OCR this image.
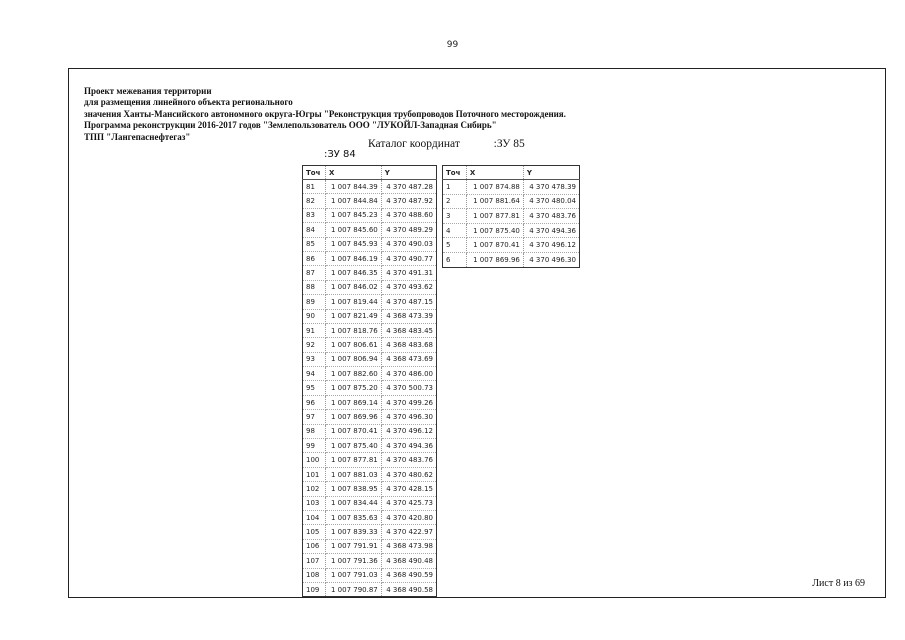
99
Проект межевания территории
для размещения линейного объекта регионального
значения Ханты-Мансийского автономного округа-Югры "Реконструкция трубопроводов Поточного месторождения.
Программа реконструкции 2016-2017 годов "Землепользователь ООО "ЛУКОЙЛ-Западная Сибирь"
ТПП "Лангепаснефтегаз"
Каталог координат	:ЗУ 85
:ЗУ 84
Точ	X	Y
81	1 007 844.39	4 370 487.28
82	1 007 844.84	4 370 487.92
83	1 007 845.23	4 370 488.60
84	1 007 845.60	4 370 489.29
85	1 007 845.93	4 370 490.03
86	1 007 846.19	4 370 490.77
87	1 007 846.35	4 370 491.31
88	1 007 846.02	4 370 493.62
89	1 007 819.44	4 370 487.15
90	1 007 821.49	4 368 473.39
91	1 007 818.76	4 368 483.45
92	1 007 806.61	4 368 483.68
93	1 007 806.94	4 368 473.69
94	1 007 882.60	4 370 486.00
95	1 007 875.20	4 370 500.73
96	1 007 869.14	4 370 499.26
97	1 007 869.96	4 370 496.30
98	1 007 870.41	4 370 496.12
99	1 007 875.40	4 370 494.36
100	1 007 877.81	4 370 483.76
101	1 007 881.03	4 370 480.62
102	1 007 838.95	4 370 428.15
103	1 007 834.44	4 370 425.73
104	1 007 835.63	4 370 420.80
105	1 007 839.33	4 370 422.97
106	1 007 791.91	4 368 473.98
107	1 007 791.36	4 368 490.48
108	1 007 791.03	4 368 490.59
109	1 007 790.87	4 368 490.58
Точ	X	Y
1	1 007 874.88	4 370 478.39
2	1 007 881.64	4 370 480.04
3	1 007 877.81	4 370 483.76
4	1 007 875.40	4 370 494.36
5	1 007 870.41	4 370 496.12
6	1 007 869.96	4 370 496.30
Лист 8 из 69
